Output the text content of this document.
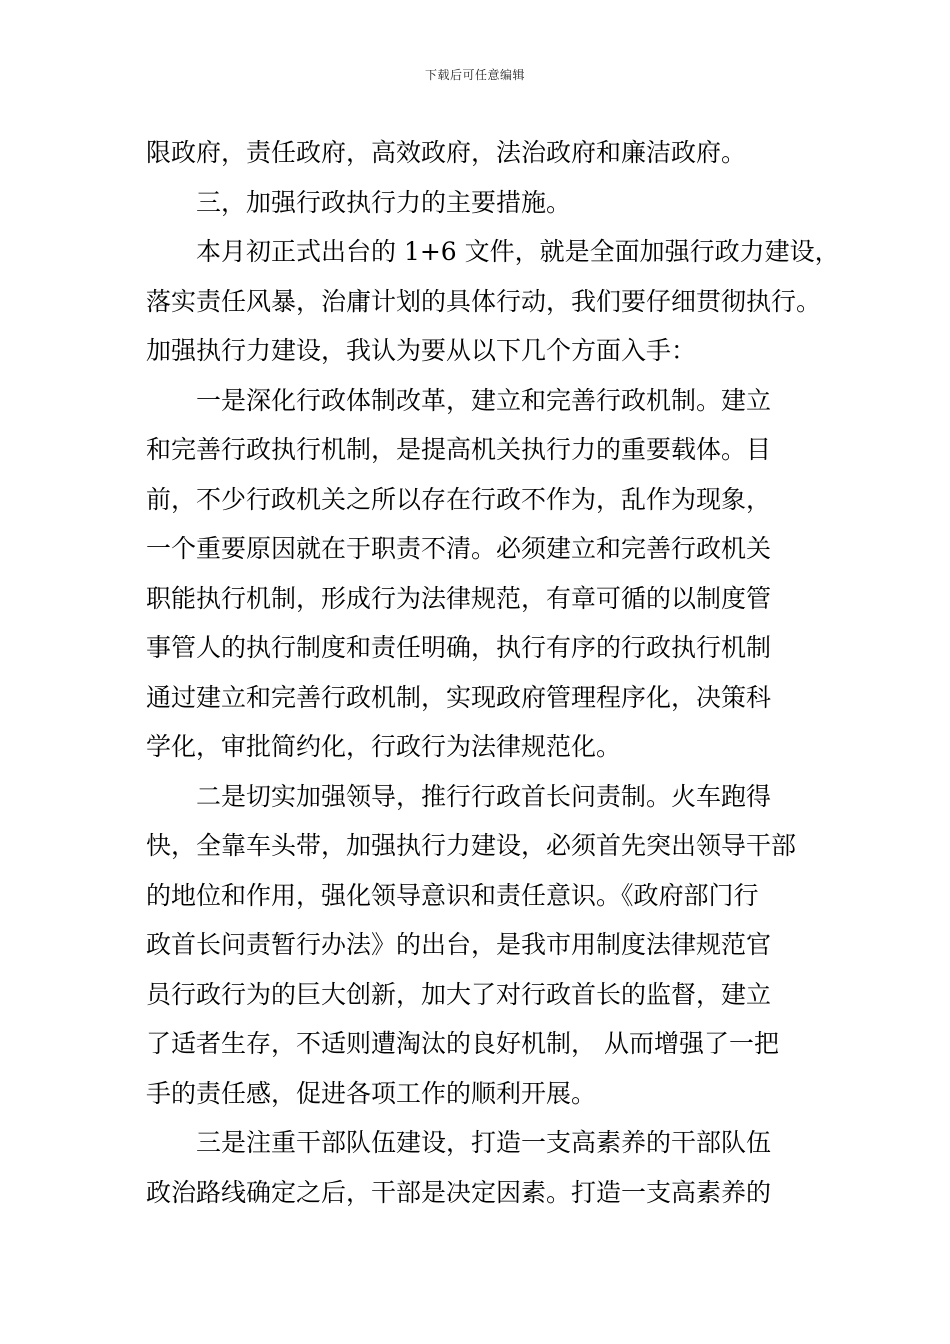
下载后可任意编辑
限政府，责任政府，高效政府，法治政府和廉洁政府。
三，加强行政执行力的主要措施。
本月初正式出台的 1+6 文件，就是全面加强行政力建设，
落实责任风暴，治庸计划的具体行动，我们要仔细贯彻执行。
加强执行力建设，我认为要从以下几个方面入手：
一是深化行政体制改革，建立和完善行政机制。建立
和完善行政执行机制，是提高机关执行力的重要载体。目
前，不少行政机关之所以存在行政不作为，乱作为现象，
一个重要原因就在于职责不清。必须建立和完善行政机关
职能执行机制，形成行为法律规范，有章可循的以制度管
事管人的执行制度和责任明确，执行有序的行政执行机制
通过建立和完善行政机制，实现政府管理程序化，决策科
学化，审批简约化，行政行为法律规范化。
二是切实加强领导，推行行政首长问责制。火车跑得
快，全靠车头带，加强执行力建设，必须首先突出领导干部
的地位和作用，强化领导意识和责任意识。《政府部门行
政首长问责暂行办法》的出台，是我市用制度法律规范官
员行政行为的巨大创新，加大了对行政首长的监督，建立
了适者生存，不适则遭淘汰的良好机制， 从而增强了一把
手的责任感，促进各项工作的顺利开展。
三是注重干部队伍建设，打造一支高素养的干部队伍
政治路线确定之后，干部是决定因素。打造一支高素养的
